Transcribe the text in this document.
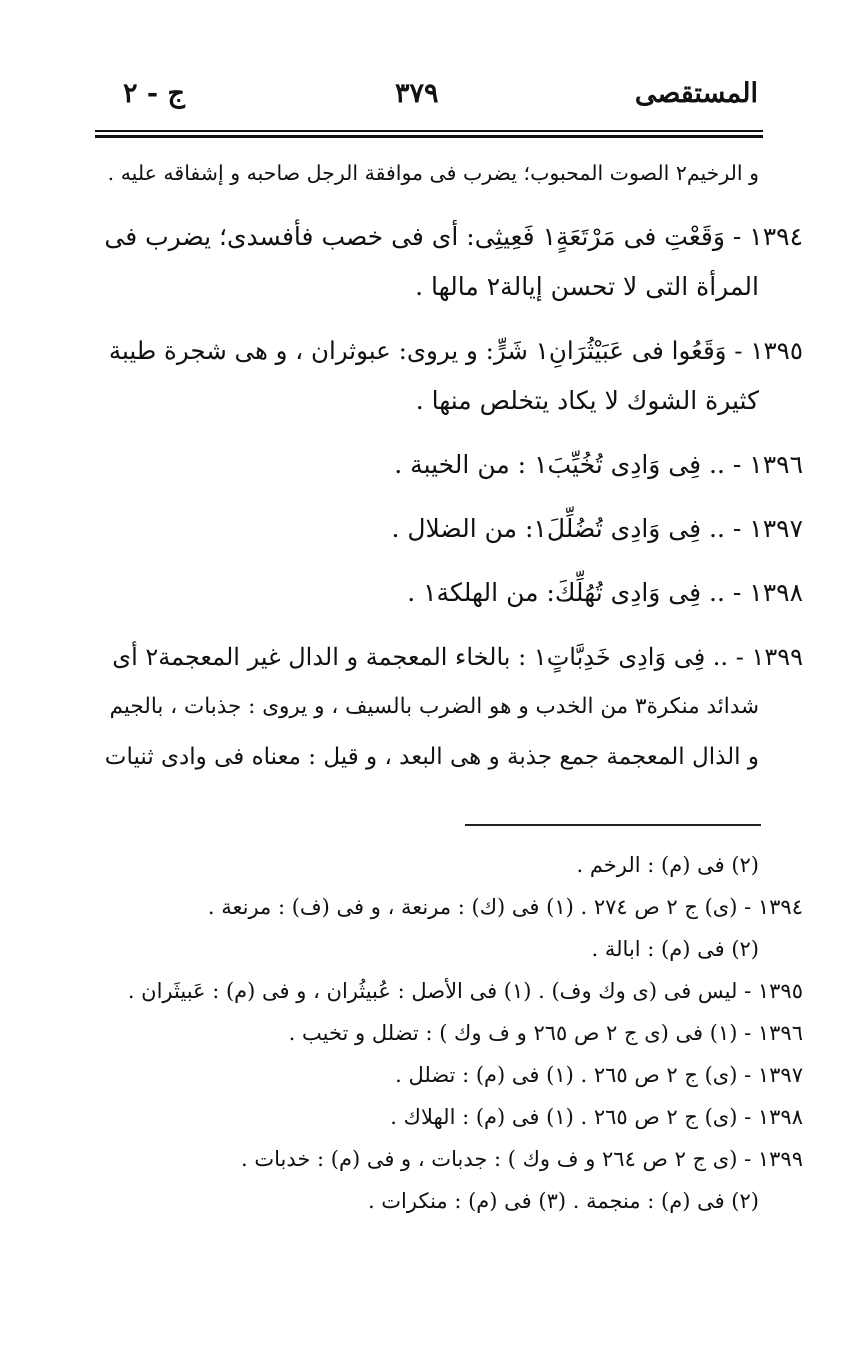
المستقصى
٣٧٩
ج - ٢
و الرخيم٢ الصوت المحبوب؛ يضرب فى موافقة الرجل صاحبه و إشفاقه عليه .
١٣٩٤ - وَقَعْتِ فى مَرْتَعَةٍ١ فَعِيثِى: أى فى خصب فأفسدى؛ يضرب فى
المرأة التى لا تحسن إيالة٢ مالها .
١٣٩٥ - وَقَعُوا فى عَبَيْثُرَانِ١ شَرٍّ: و يروى: عبوثران ، و هى شجرة طيبة
كثيرة الشوك لا يكاد يتخلص منها .
١٣٩٦ - .. فِى وَادِى تُخُيِّبَ١ : من الخيبة .
١٣٩٧ - .. فِى وَادِى تُضُلِّلَ١: من الضلال .
١٣٩٨ - .. فِى وَادِى تُهُلِّكَ: من الهلكة١ .
١٣٩٩ - .. فِى وَادِى خَدِبَّاتٍ١ : بالخاء المعجمة و الدال غير المعجمة٢ أى
شدائد منكرة٣ من الخدب و هو الضرب بالسيف ، و يروى : جذبات ، بالجيم
و الذال المعجمة جمع جذبة و هى البعد ، و قيل : معناه فى وادى ثنيات
(٢) فى (م) : الرخم .
١٣٩٤ - (ى) ج ٢ ص ٢٧٤ . (١) فى (ك) : مرنعة ، و فى (ف) : مرنعة .
(٢) فى (م) : ابالة .
١٣٩٥ - ليس فى (ى وك وف) . (١) فى الأصل : عُبيثُران ، و فى (م) : عَبيثَران .
١٣٩٦ - (١) فى (ى ج ٢ ص ٢٦٥ و ف وك ) : تضلل و تخيب .
١٣٩٧ - (ى) ج ٢ ص ٢٦٥ . (١) فى (م) : تضلل .
١٣٩٨ - (ى) ج ٢ ص ٢٦٥ . (١) فى (م) : الهلاك .
١٣٩٩ - (ى ج ٢ ص ٢٦٤ و ف وك ) : جدبات ، و فى (م) : خدبات .
(٢) فى (م) : منجمة . (٣) فى (م) : منكرات .
